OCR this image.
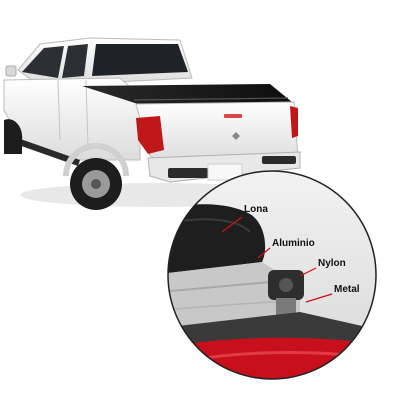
Lona
Aluminio
Nylon
Metal
